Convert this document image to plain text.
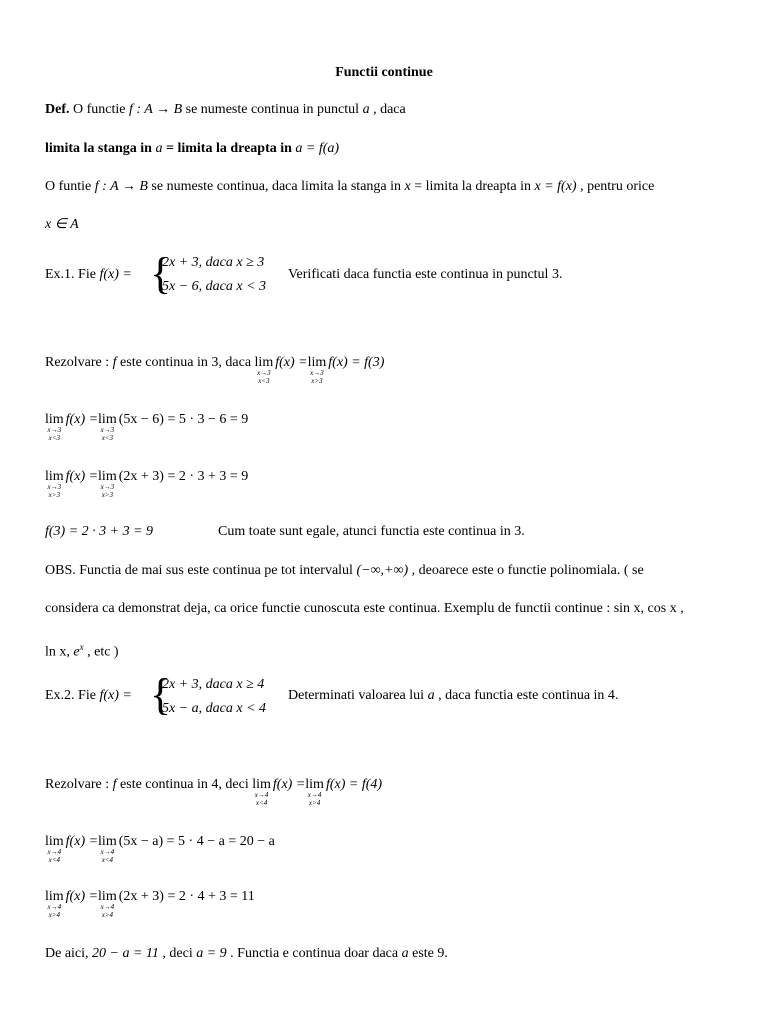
Functii continue
Def. O functie f : A → B se numeste continua in punctul a , daca
limita la stanga in a = limita la dreapta in a = f(a)
O funtie f : A → B se numeste continua, daca limita la stanga in x = limita la dreapta in x = f(x) , pentru orice
x ∈ A
Ex.1. Fie f(x) = {
2x + 3, daca x ≥ 3
5x − 6, daca x < 3
Verificati daca functia este continua in punctul 3.
Rezolvare : f este continua in 3, daca lim
x→3
x<3
f(x) = lim
x→3
x>3
f(x) = f(3)
lim
x→3
x<3
f(x) = lim
x→3
x<3
(5x − 6) = 5 · 3 − 6 = 9
lim
x→3
x>3
f(x) = lim
x→3
x>3
(2x + 3) = 2 · 3 + 3 = 9
f(3) = 2 · 3 + 3 = 9	Cum toate sunt egale, atunci functia este continua in 3.
OBS. Functia de mai sus este continua pe tot intervalul (−∞,+∞) , deoarece este o functie polinomiala. ( se
considera ca demonstrat deja, ca orice functie cunoscuta este continua. Exemplu de functii continue : sin x, cos x ,
ln x, $e^x$ , etc )
Ex.2. Fie f(x) = {
2x + 3, daca x ≥ 4
5x − a, daca x < 4
Determinati valoarea lui a , daca functia este continua in 4.
Rezolvare : f este continua in 4, deci lim
x→4
x<4
f(x) = lim
x→4
x>4
f(x) = f(4)
lim
x→4
x<4
f(x) = lim
x→4
x<4
(5x − a) = 5 · 4 − a = 20 − a
lim
x→4
x>4
f(x) = lim
x→4
x>4
(2x + 3) = 2 · 4 + 3 = 11
De aici, 20 − a = 11 , deci a = 9 . Functia e continua doar daca a este 9.
